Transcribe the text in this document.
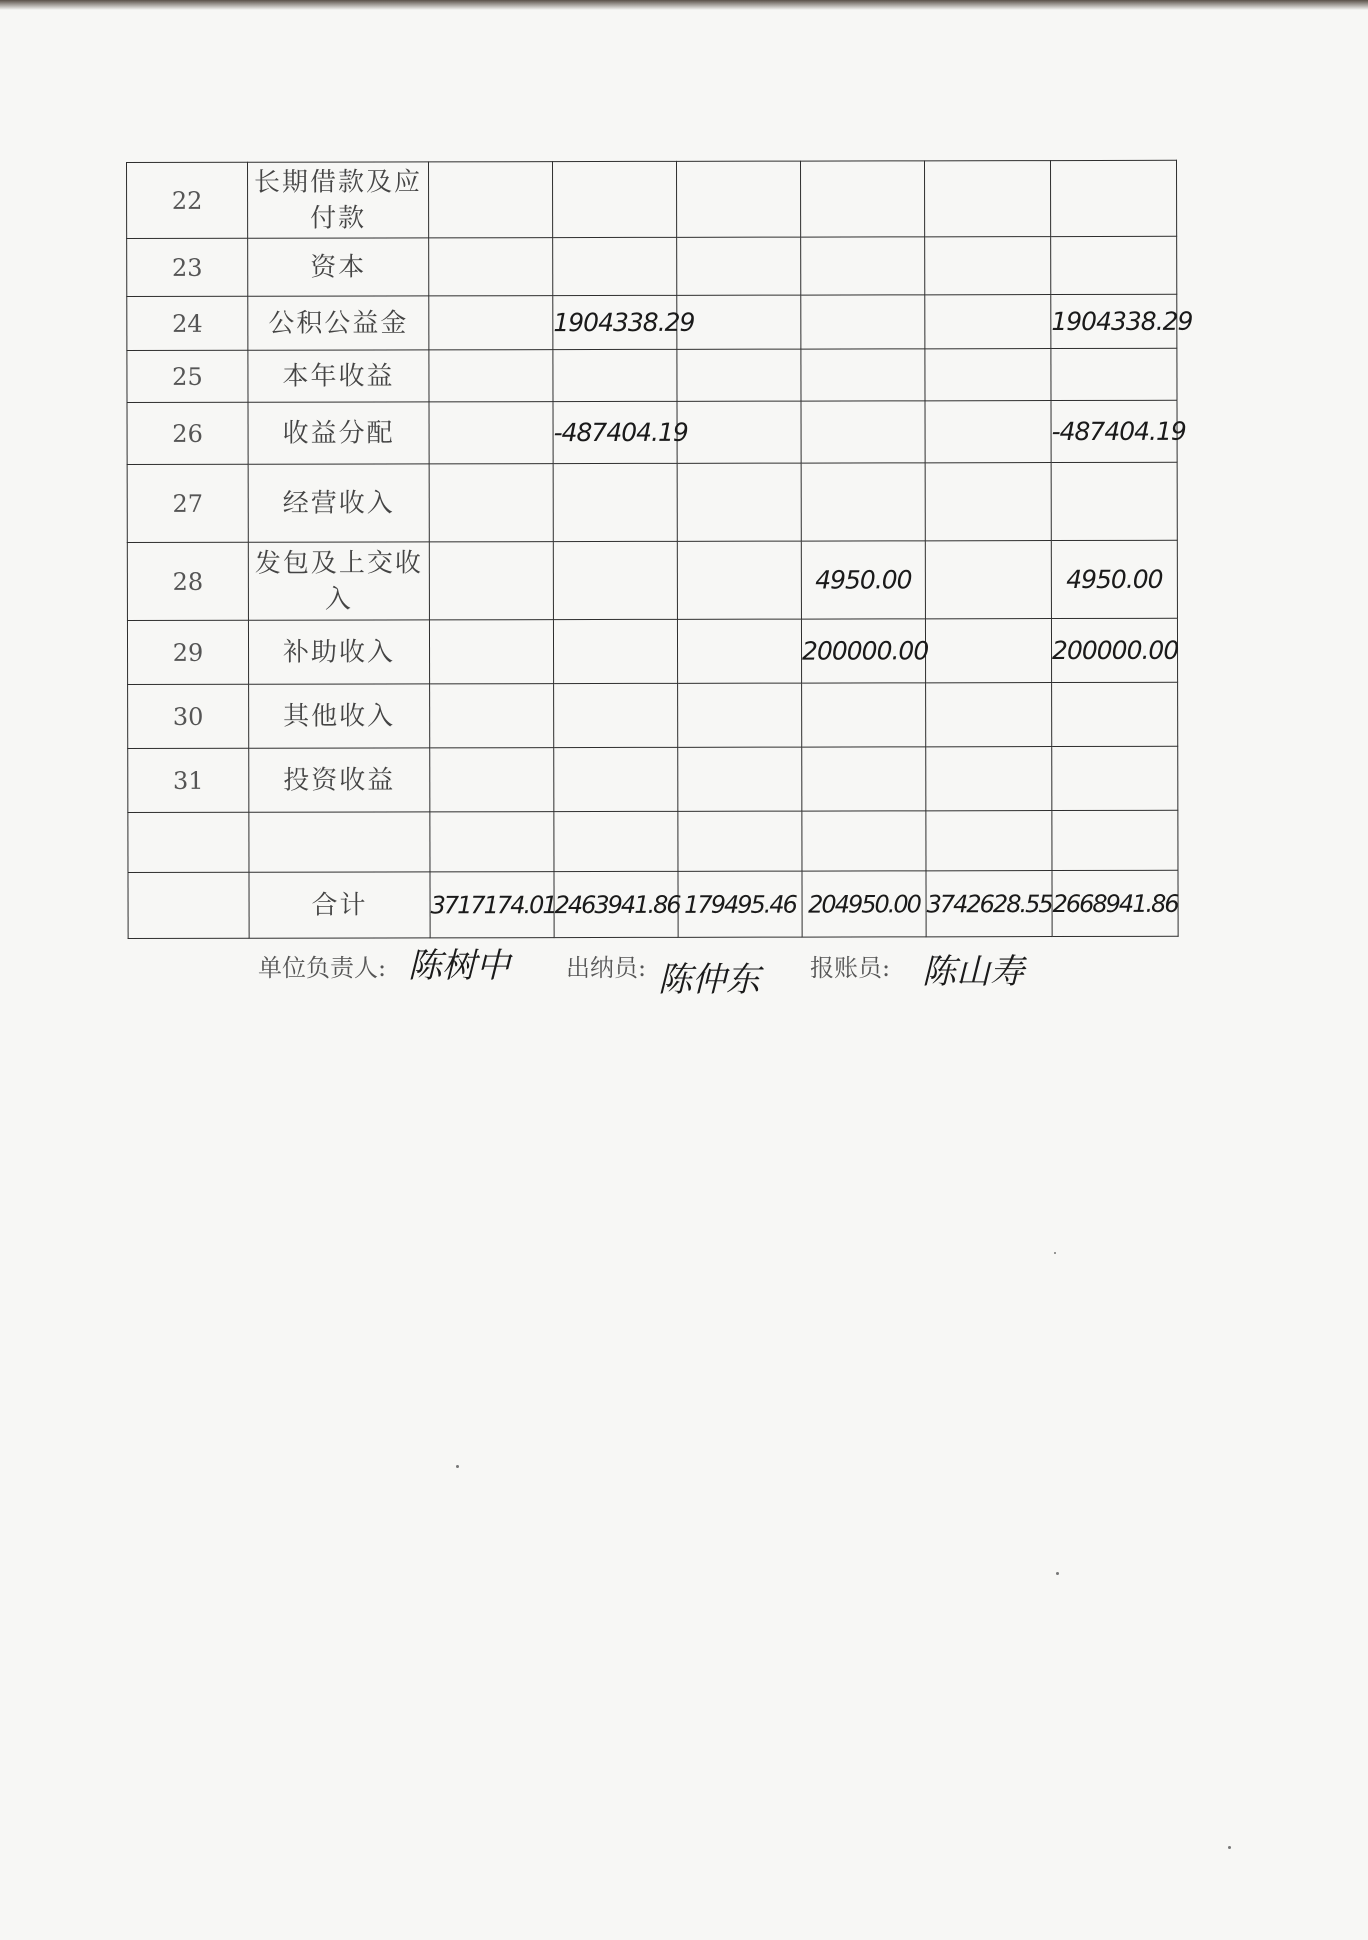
22	长期借款及应付款						
23	资本						
24	公积公益金		1904338.29				1904338.29
25	本年收益						
26	收益分配		-487404.19				-487404.19
27	经营收入						
28	发包及上交收入				4950.00		4950.00
29	补助收入				200000.00		200000.00
30	其他收入						
31	投资收益						

	合计	3717174.01	2463941.86	179495.46	204950.00	3742628.55	2668941.86
单位负责人: 陈树中 出纳员: 陈仲东 报账员: 陈山寿
